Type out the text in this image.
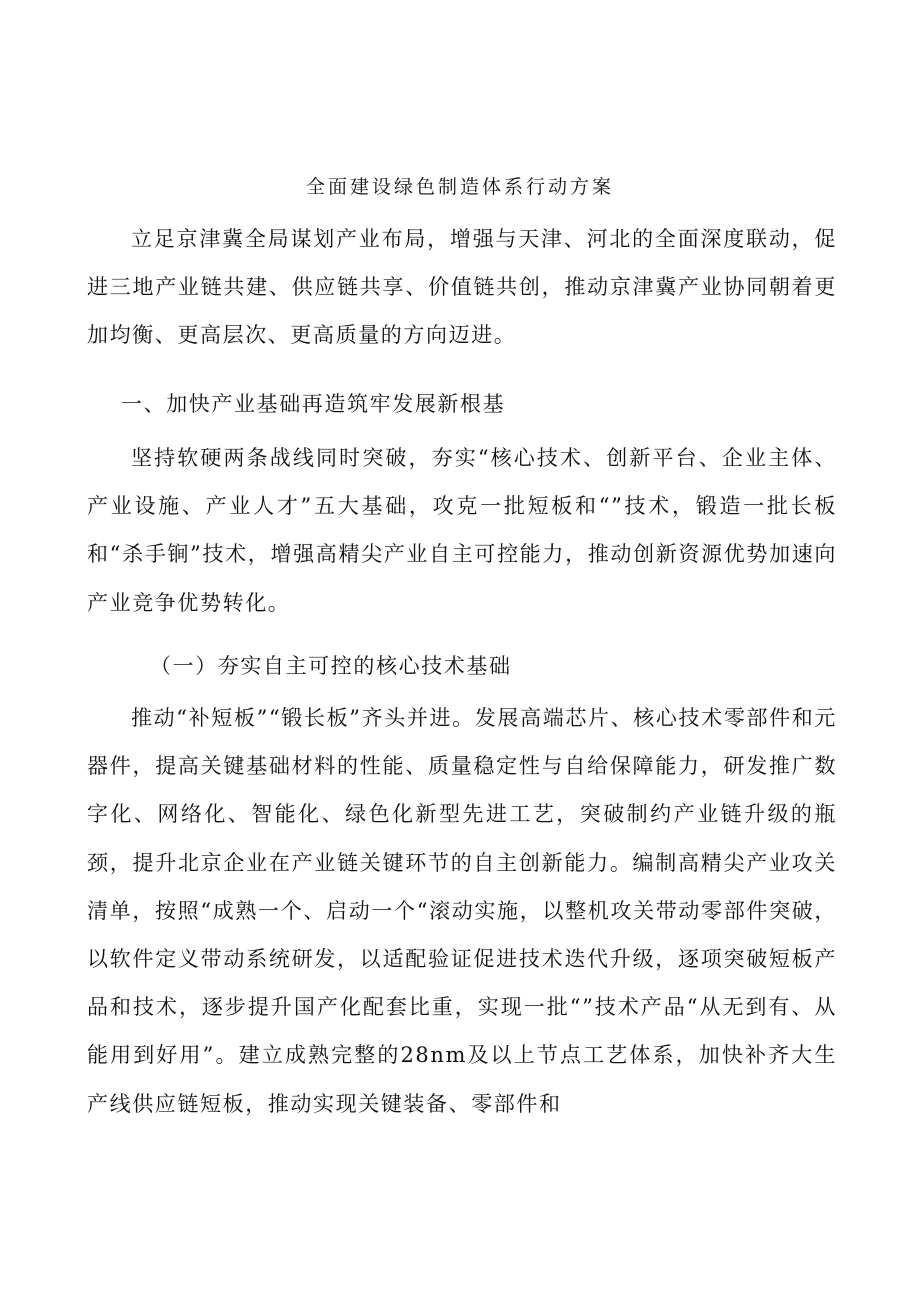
全面建设绿色制造体系行动方案

立足京津冀全局谋划产业布局，增强与天津、河北的全面深度联动，促进三地产业链共建、供应链共享、价值链共创，推动京津冀产业协同朝着更加均衡、更高层次、更高质量的方向迈进。

一、加快产业基础再造筑牢发展新根基

坚持软硬两条战线同时突破，夯实“核心技术、创新平台、企业主体、产业设施、产业人才”五大基础，攻克一批短板和“”技术，锻造一批长板和“杀手锏”技术，增强高精尖产业自主可控能力，推动创新资源优势加速向产业竞争优势转化。

（一）夯实自主可控的核心技术基础

推动“补短板”“锻长板”齐头并进。发展高端芯片、核心技术零部件和元器件，提高关键基础材料的性能、质量稳定性与自给保障能力，研发推广数字化、网络化、智能化、绿色化新型先进工艺，突破制约产业链升级的瓶颈，提升北京企业在产业链关键环节的自主创新能力。编制高精尖产业攻关清单，按照“成熟一个、启动一个“滚动实施，以整机攻关带动零部件突破，以软件定义带动系统研发，以适配验证促进技术迭代升级，逐项突破短板产品和技术，逐步提升国产化配套比重，实现一批“”技术产品“从无到有、从能用到好用”。建立成熟完整的28nm及以上节点工艺体系，加快补齐大生产线供应链短板，推动实现关键装备、零部件和
